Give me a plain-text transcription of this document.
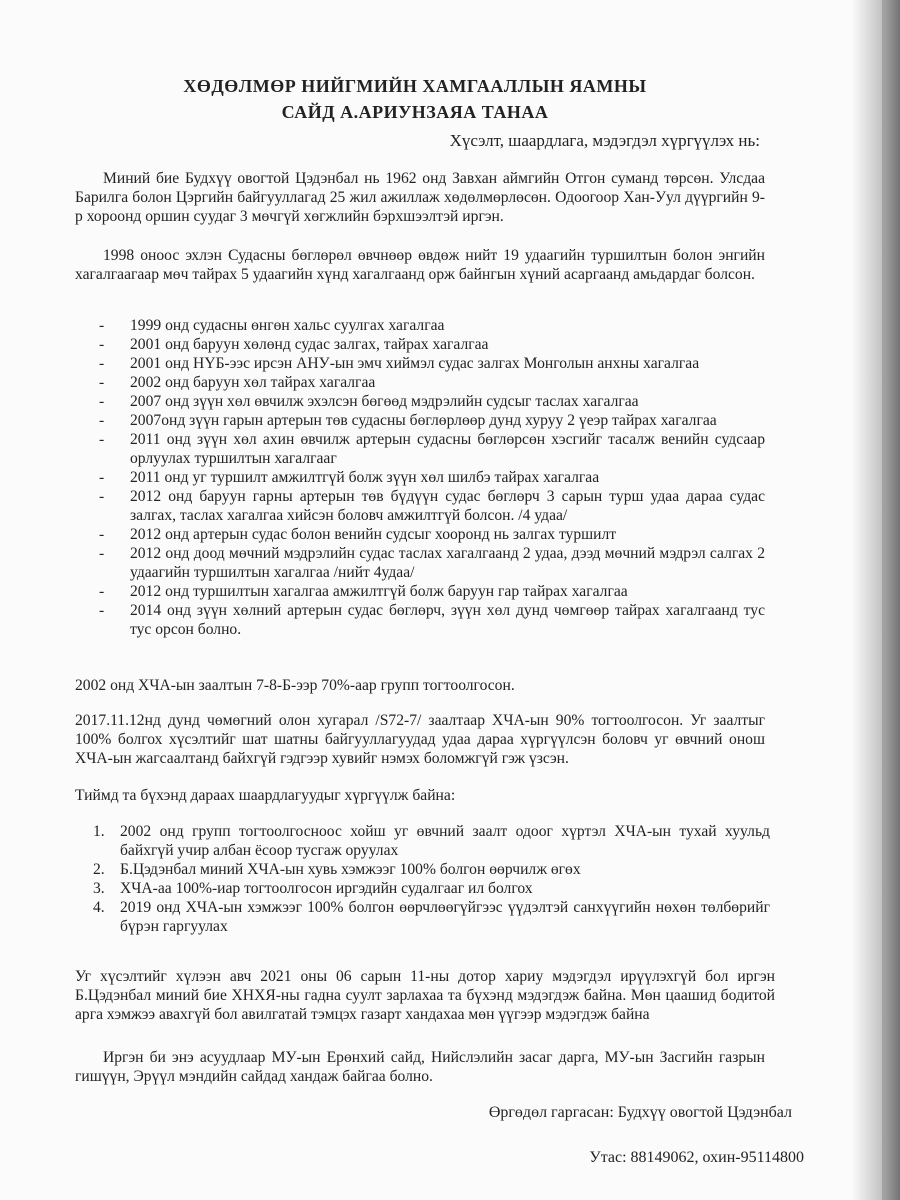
ХӨДӨЛМӨР НИЙГМИЙН ХАМГААЛЛЫН ЯАМНЫ
САЙД А.АРИУНЗАЯА ТАНАА
Хүсэлт, шаардлага, мэдэгдэл хүргүүлэх нь:
Миний бие Будхүү овогтой Цэдэнбал нь 1962 онд Завхан аймгийн Отгон суманд төрсөн. Улсдаа Барилга болон Цэргийн байгууллагад 25 жил ажиллаж хөдөлмөрлөсөн. Одоогоор Хан-Уул дүүргийн 9-р хороонд оршин суудаг 3 мөчгүй хөгжлийн бэрхшээлтэй иргэн.
1998 оноос эхлэн Судасны бөглөрөл өвчнөөр өвдөж нийт 19 удаагийн туршилтын болон энгийн хагалгаагаар мөч тайрах 5 удаагийн хүнд хагалгаанд орж байнгын хүний асаргаанд амьдардаг болсон.
- 1999 онд судасны өнгөн хальс суулгах хагалгаа
- 2001 онд баруун хөлөнд судас залгах, тайрах хагалгаа
- 2001 онд НҮБ-ээс ирсэн АНУ-ын эмч хиймэл судас залгах Монголын анхны хагалгаа
- 2002 онд баруун хөл тайрах хагалгаа
- 2007 онд зүүн хөл өвчилж эхэлсэн бөгөөд мэдрэлийн судсыг таслах хагалгаа
- 2007онд зүүн гарын артерын төв судасны бөглөрлөөр дунд хуруу 2 үеэр тайрах хагалгаа
- 2011 онд зүүн хөл ахин өвчилж артерын судасны бөглөрсөн хэсгийг тасалж венийн судсаар орлуулах туршилтын хагалгааг
- 2011 онд уг туршилт амжилтгүй болж зүүн хөл шилбэ тайрах хагалгаа
- 2012 онд баруун гарны артерын төв бүдүүн судас бөглөрч 3 сарын турш удаа дараа судас залгах, таслах хагалгаа хийсэн боловч амжилтгүй болсон. /4 удаа/
- 2012 онд артерын судас болон венийн судсыг хооронд нь залгах туршилт
- 2012 онд доод мөчний мэдрэлийн судас таслах хагалгаанд 2 удаа, дээд мөчний мэдрэл салгах 2 удаагийн туршилтын хагалгаа /нийт 4удаа/
- 2012 онд туршилтын хагалгаа амжилтгүй болж баруун гар тайрах хагалгаа
- 2014 онд зүүн хөлний артерын судас бөглөрч, зүүн хөл дунд чөмгөөр тайрах хагалгаанд тус тус орсон болно.
2002 онд ХЧА-ын заалтын 7-8-Б-ээр 70%-аар групп тогтоолгосон.
2017.11.12нд дунд чөмөгний олон хугарал /S72-7/ заалтаар ХЧА-ын 90% тогтоолгосон. Уг заалтыг 100% болгох хүсэлтийг шат шатны байгууллагуудад удаа дараа хүргүүлсэн боловч уг өвчний онош ХЧА-ын жагсаалтанд байхгүй гэдгээр хувийг нэмэх боломжгүй гэж үзсэн.
Тиймд та бүхэнд дараах шаардлагуудыг хүргүүлж байна:
1. 2002 онд групп тогтоолгосноос хойш уг өвчний заалт одоог хүртэл ХЧА-ын тухай хуульд байхгүй учир албан ёсоор тусгаж оруулах
2. Б.Цэдэнбал миний ХЧА-ын хувь хэмжээг 100% болгон өөрчилж өгөх
3. ХЧА-аа 100%-иар тогтоолгосон иргэдийн судалгааг ил болгох
4. 2019 онд ХЧА-ын хэмжээг 100% болгон өөрчлөөгүйгээс үүдэлтэй санхүүгийн нөхөн төлбөрийг бүрэн гаргуулах
Уг хүсэлтийг хүлээн авч 2021 оны 06 сарын 11-ны дотор хариу мэдэгдэл ирүүлэхгүй бол иргэн Б.Цэдэнбал миний бие ХНХЯ-ны гадна суулт зарлахаа та бүхэнд мэдэгдэж байна. Мөн цаашид бодитой арга хэмжээ авахгүй бол авилгатай тэмцэх газарт хандахаа мөн үүгээр мэдэгдэж байна
Иргэн би энэ асуудлаар МУ-ын Ерөнхий сайд, Нийслэлийн засаг дарга, МУ-ын Засгийн газрын гишүүн, Эрүүл мэндийн сайдад хандаж байгаа болно.
Өргөдөл гаргасан: Будхүү овогтой Цэдэнбал
Утас: 88149062, охин-95114800
